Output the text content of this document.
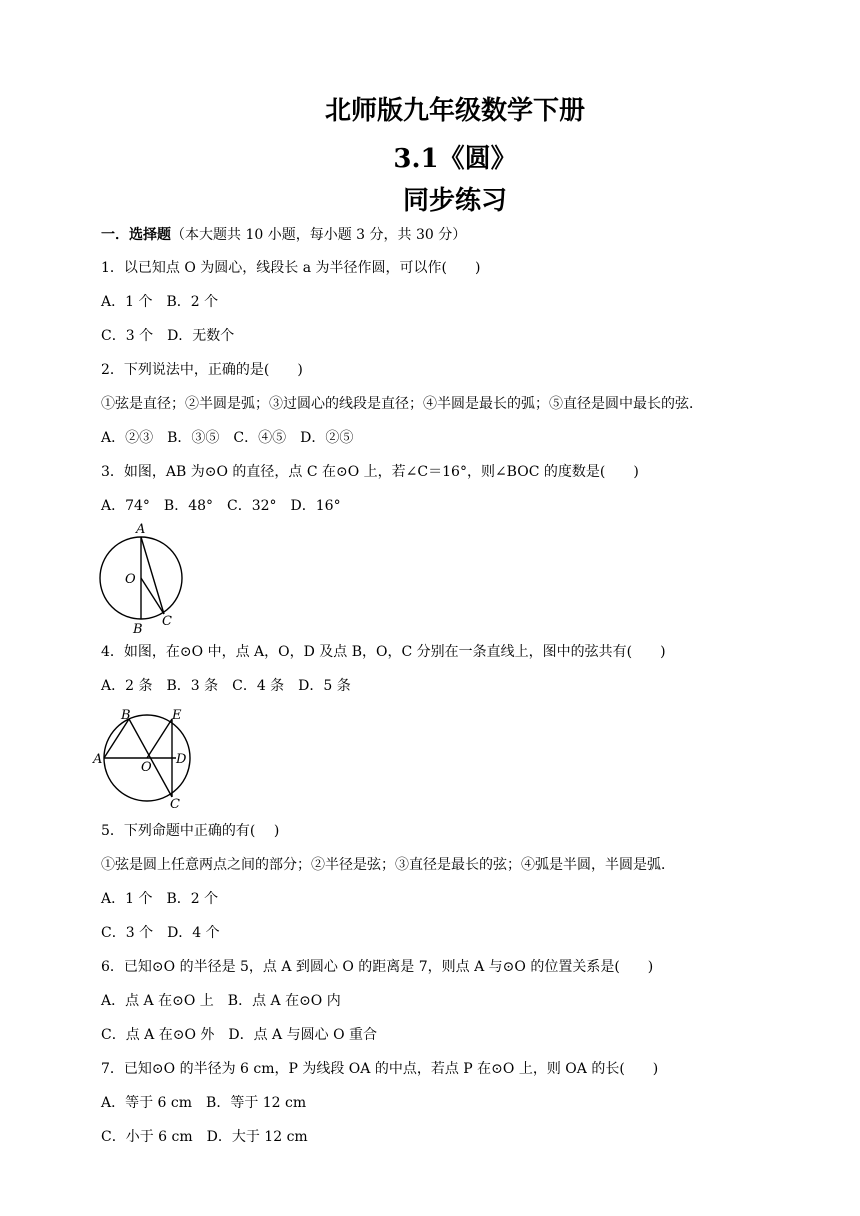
北师版九年级数学下册
3.1《圆》
同步练习
一．选择题（本大题共 10 小题，每小题 3 分，共 30 分）
1．以已知点 O 为圆心，线段长 a 为半径作圆，可以作(　　)
A．1 个　B．2 个
C．3 个　D．无数个
2．下列说法中，正确的是(　　)
①弦是直径；②半圆是弧；③过圆心的线段是直径；④半圆是最长的弧；⑤直径是圆中最长的弦．
A．②③　B．③⑤　C．④⑤　D．②⑤
3．如图，AB 为⊙O 的直径，点 C 在⊙O 上，若∠C＝16°，则∠BOC 的度数是(　　)
A．74°　B．48°　C．32°　D．16°
A
O
B
C
4．如图，在⊙O 中，点 A，O，D 及点 B，O，C 分别在一条直线上，图中的弦共有(　　)
A．2 条　B．3 条　C．4 条　D．5 条
A
B	E
O
D
C
5．下列命题中正确的有(　 )
①弦是圆上任意两点之间的部分；②半径是弦；③直径是最长的弦；④弧是半圆，半圆是弧．
A．1 个　B．2 个
C．3 个　D．4 个
6．已知⊙O 的半径是 5，点 A 到圆心 O 的距离是 7，则点 A 与⊙O 的位置关系是(　　)
A．点 A 在⊙O 上　B．点 A 在⊙O 内
C．点 A 在⊙O 外　D．点 A 与圆心 O 重合
7．已知⊙O 的半径为 6 cm，P 为线段 OA 的中点，若点 P 在⊙O 上，则 OA 的长(　　)
A．等于 6 cm　B．等于 12 cm
C．小于 6 cm　D．大于 12 cm
